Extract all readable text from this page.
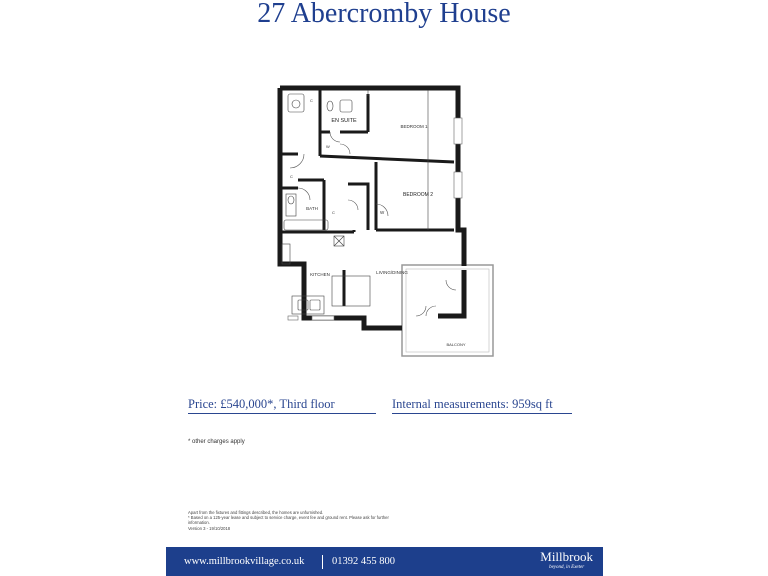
27 Abercromby House
EN SUITE
BEDROOM 1
BEDROOM 2
BATH
KITCHEN	LIVING/DINING
BALCONY
C
C
C
W
W
Price: £540,000*, Third floor	Internal measurements: 959sq ft
* other charges apply
Apart from the fixtures and fittings described, the homes are unfurnished.
* Based on a 125-year lease and subject to service charge, event fee and ground rent. Please ask for further
information.
Version 3 - 19/10/2018
www.millbrookvillage.co.uk	01392 455 800	Millbrook
beyond, in Exeter
